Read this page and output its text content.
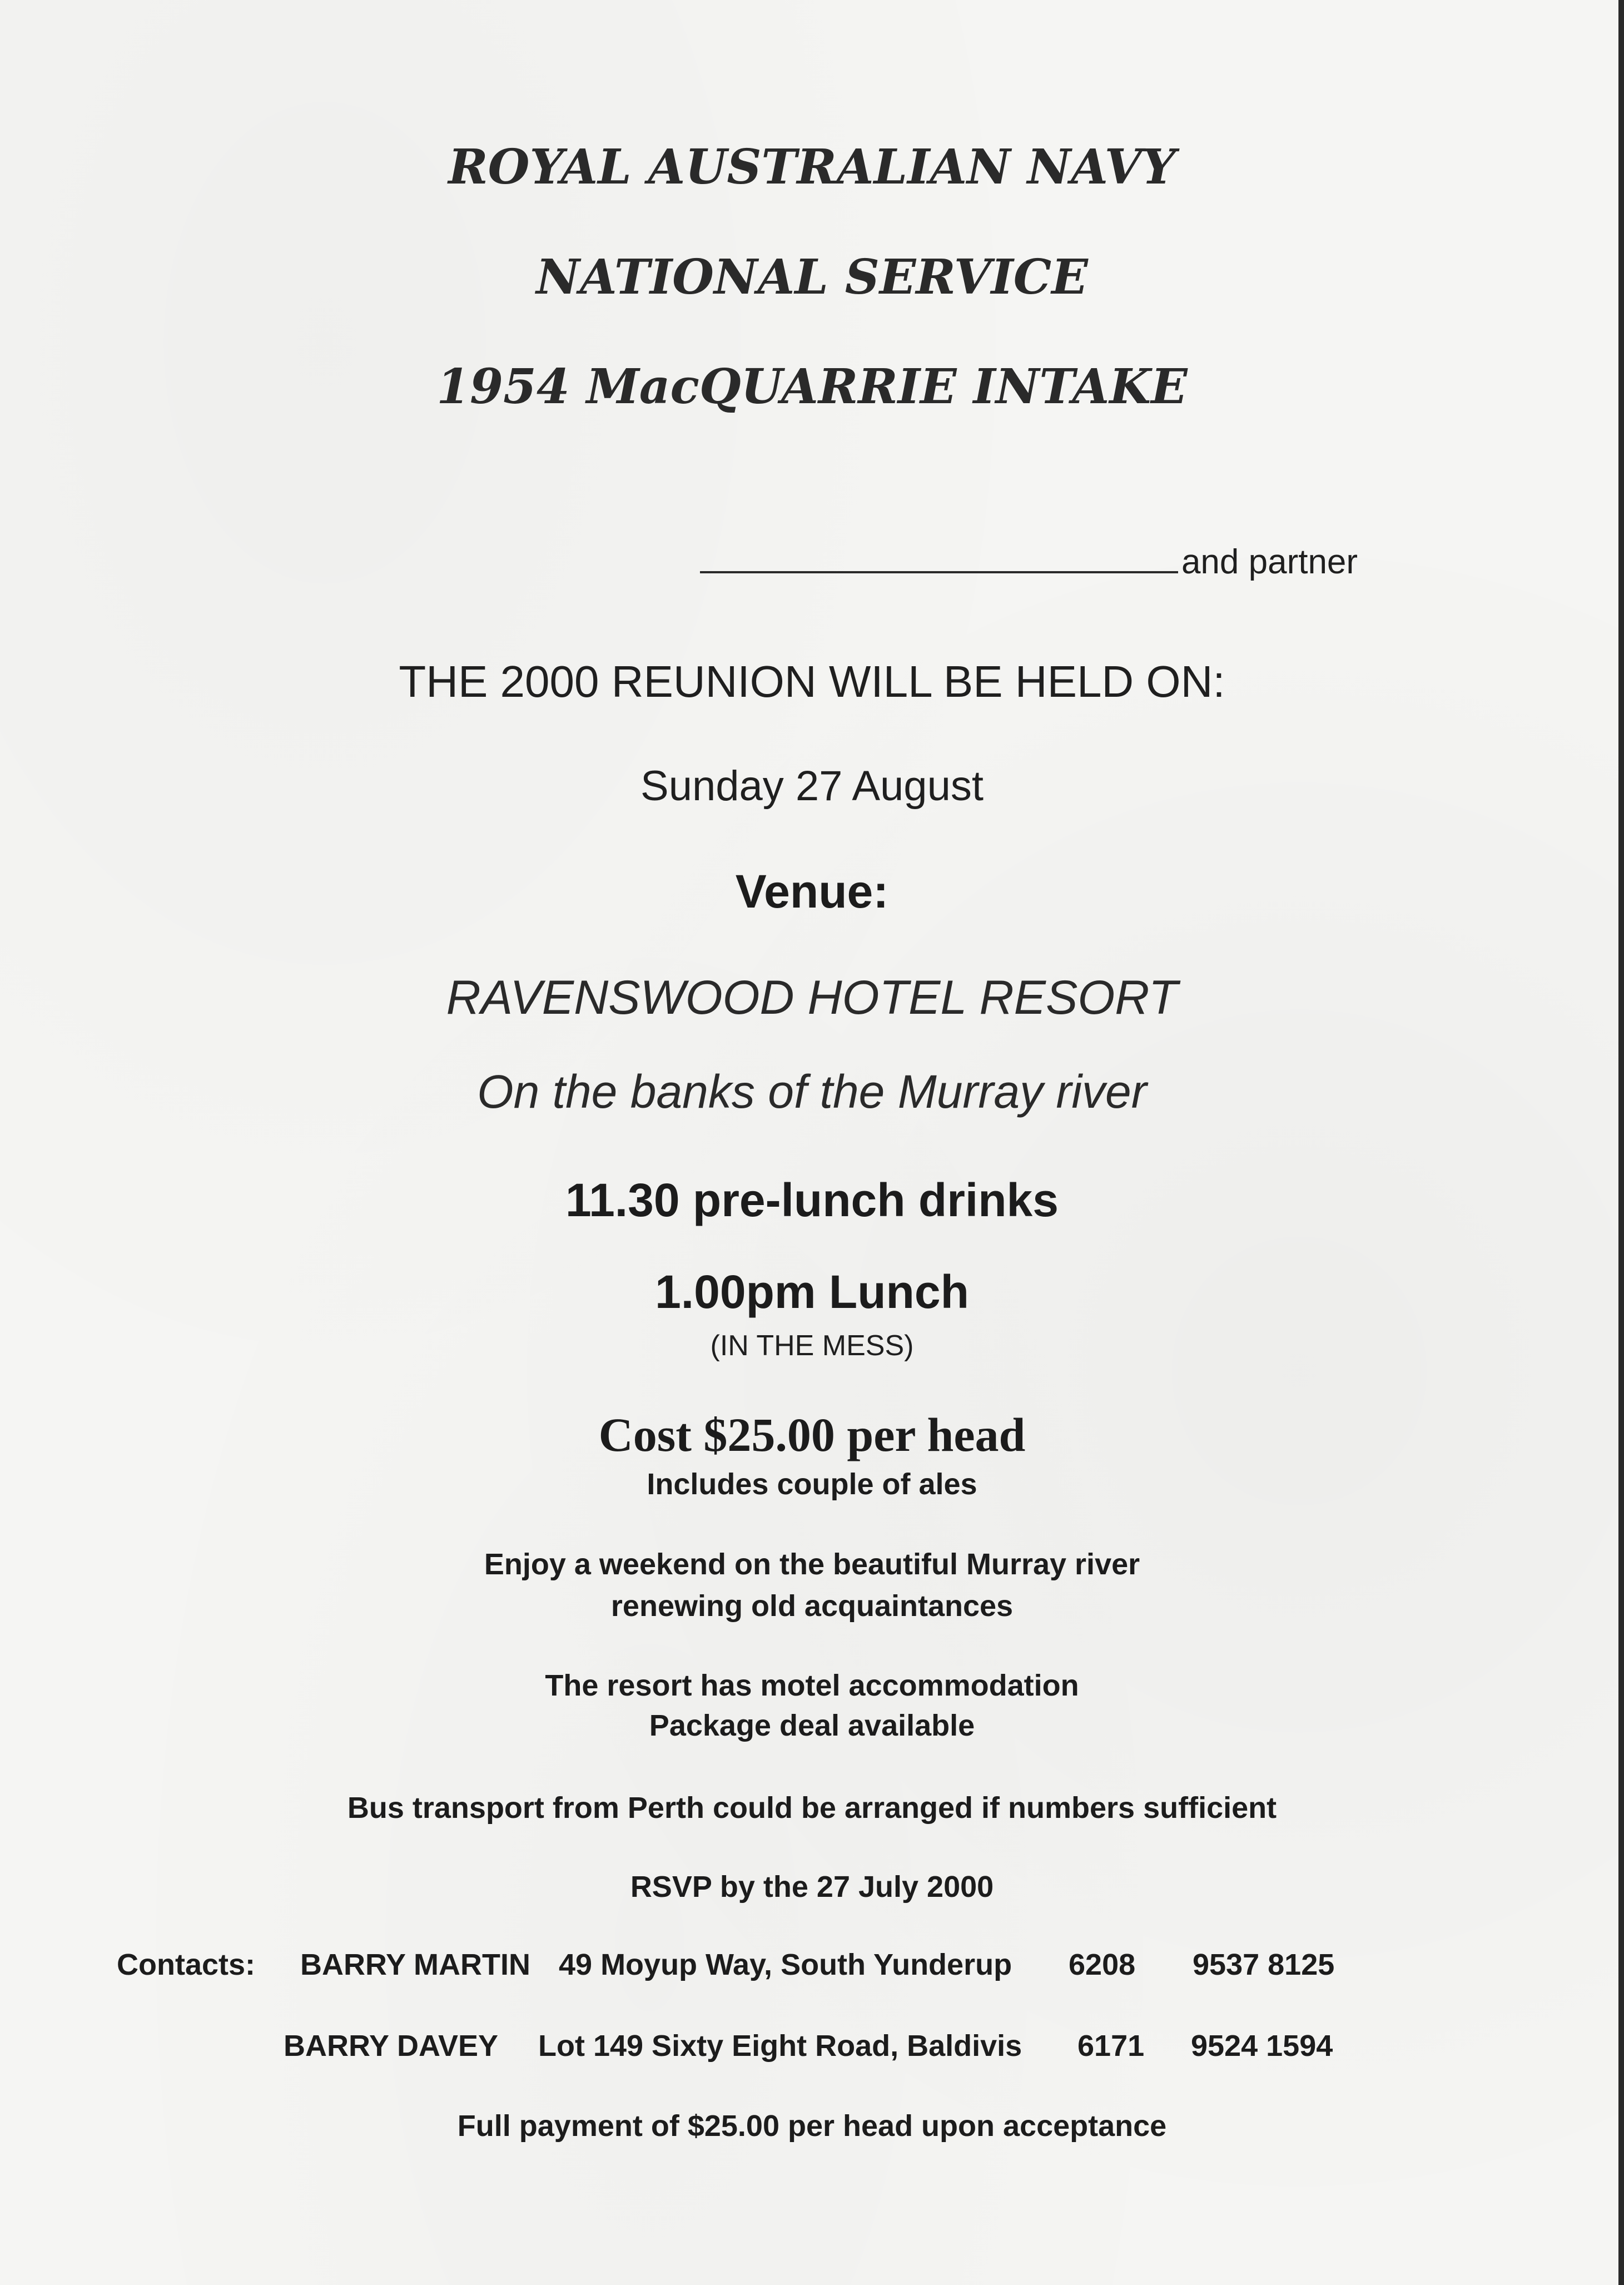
ROYAL AUSTRALIAN NAVY
NATIONAL SERVICE
1954 MacQUARRIE INTAKE
and partner
THE 2000 REUNION WILL BE HELD ON:
Sunday 27 August
Venue:
RAVENSWOOD HOTEL RESORT
On the banks of the Murray river
11.30 pre-lunch drinks
1.00pm Lunch
(IN THE MESS)
Cost $25.00 per head
Includes couple of ales
Enjoy a weekend on the beautiful Murray river
renewing old acquaintances
The resort has motel accommodation
Package deal available
Bus transport from Perth could be arranged if numbers sufficient
RSVP by the 27 July 2000
Contacts: BARRY MARTIN 49 Moyup Way, South Yunderup 6208 9537 8125
BARRY DAVEY Lot 149 Sixty Eight Road, Baldivis 6171 9524 1594
Full payment of $25.00 per head upon acceptance
